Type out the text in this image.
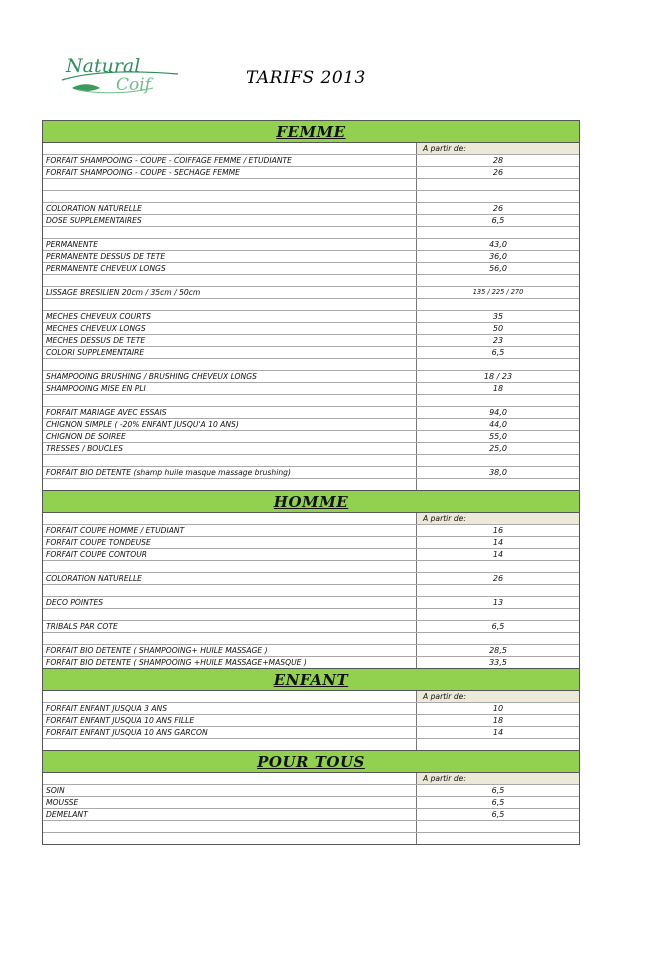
Natural
Coif	TARIFS 2013
FEMME
A partir de:
FORFAIT SHAMPOOING - COUPE - COIFFAGE FEMME / ETUDIANTE	28
FORFAIT SHAMPOOING - COUPE - SECHAGE FEMME	26
COLORATION NATURELLE	26
DOSE SUPPLEMENTAIRES	6,5
PERMANENTE	43,0
PERMANENTE DESSUS DE TETE	36,0
PERMANENTE CHEVEUX LONGS	56,0
LISSAGE BRESILIEN 20cm / 35cm / 50cm	135 / 225 / 270
MECHES CHEVEUX COURTS	35
MECHES CHEVEUX LONGS	50
MECHES DESSUS DE TETE	23
COLORI SUPPLEMENTAIRE	6,5
SHAMPOOING BRUSHING / BRUSHING CHEVEUX LONGS	18 / 23
SHAMPOOING MISE EN PLI	18
FORFAIT MARIAGE AVEC ESSAIS	94,0
CHIGNON SIMPLE ( -20% ENFANT JUSQU'A 10 ANS)	44,0
CHIGNON DE SOIREE	55,0
TRESSES / BOUCLES	25,0
FORFAIT BIO DETENTE (shamp huile masque massage brushing)	38,0
HOMME
A partir de:
FORFAIT COUPE HOMME / ETUDIANT	16
FORFAIT COUPE TONDEUSE	14
FORFAIT COUPE CONTOUR	14
COLORATION NATURELLE	26
DECO POINTES	13
TRIBALS PAR COTE	6,5
FORFAIT BIO DETENTE ( SHAMPOOING+ HUILE MASSAGE )	28,5
FORFAIT BIO DETENTE ( SHAMPOOING +HUILE MASSAGE+MASQUE )	33,5
ENFANT
A partir de:
FORFAIT ENFANT JUSQUA 3 ANS	10
FORFAIT ENFANT JUSQUA 10 ANS FILLE	18
FORFAIT ENFANT JUSQUA 10 ANS GARCON	14
POUR TOUS
A partir de:
SOIN	6,5
MOUSSE	6,5
DEMELANT	6,5
